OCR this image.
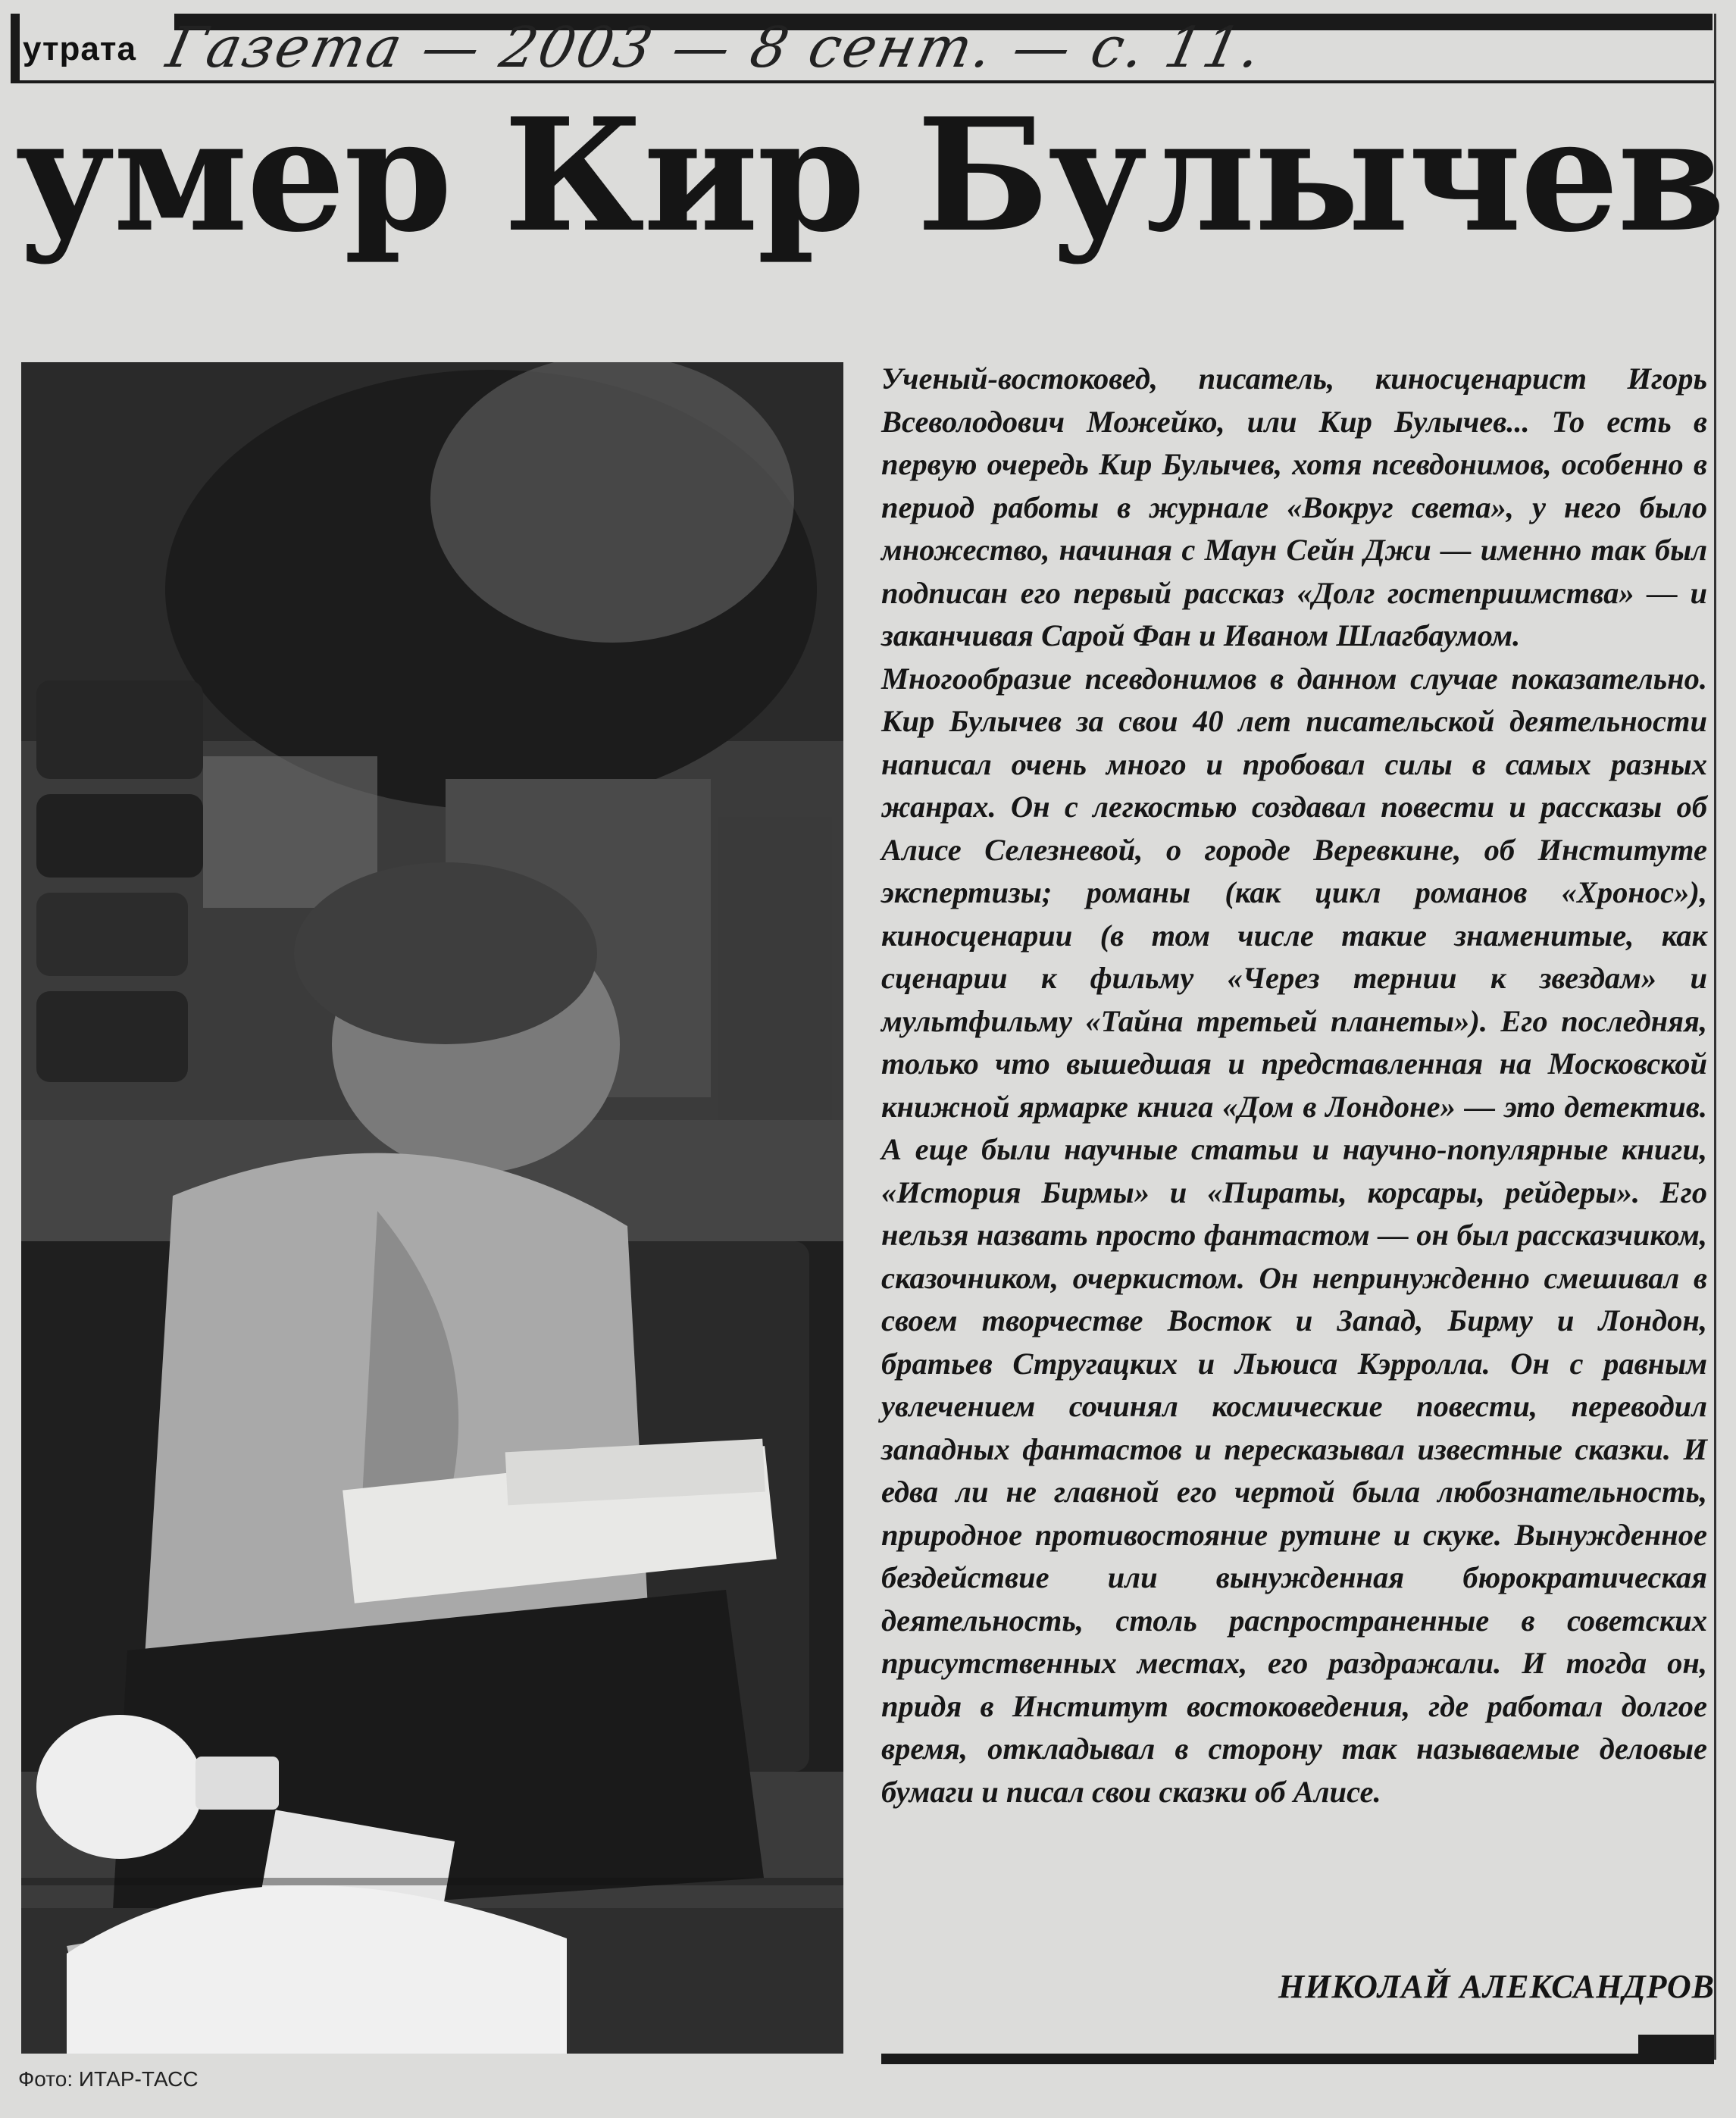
утрата Газета — 2003 — 8 сент. — с. 11.
умер Кир Булычев

Ученый-востоковед, писатель, киносценарист Игорь Всеволодович Можейко, или Кир Булычев... То есть в первую очередь Кир Булычев, хотя псевдонимов, особенно в период работы в журнале «Вокруг света», у него было множество, начиная с Маун Сейн Джи — именно так был подписан его первый рассказ «Долг гостеприимства» — и заканчивая Сарой Фан и Иваном Шлагбаумом.

Многообразие псевдонимов в данном случае показательно. Кир Булычев за свои 40 лет писательской деятельности написал очень много и пробовал силы в самых разных жанрах. Он с легкостью создавал повести и рассказы об Алисе Селезневой, о городе Веревкине, об Институте экспертизы; романы (как цикл романов «Хронос»), киносценарии (в том числе такие знаменитые, как сценарии к фильму «Через тернии к звездам» и мультфильму «Тайна третьей планеты»). Его последняя, только что вышедшая и представленная на Московской книжной ярмарке книга «Дом в Лондоне» — это детектив. А еще были научные статьи и научно-популярные книги, «История Бирмы» и «Пираты, корсары, рейдеры». Его нельзя назвать просто фантастом — он был рассказчиком, сказочником, очеркистом. Он непринужденно смешивал в своем творчестве Восток и Запад, Бирму и Лондон, братьев Стругацких и Льюиса Кэрролла. Он с равным увлечением сочинял космические повести, переводил западных фантастов и пересказывал известные сказки. И едва ли не главной его чертой была любознательность, природное противостояние рутине и скуке. Вынужденное бездействие или вынужденная бюрократическая деятельность, столь распространенные в советских присутственных местах, его раздражали. И тогда он, придя в Институт востоковедения, где работал долгое время, откладывал в сторону так называемые деловые бумаги и писал свои сказки об Алисе.

НИКОЛАЙ АЛЕКСАНДРОВ
Фото: ИТАР-ТАСС
